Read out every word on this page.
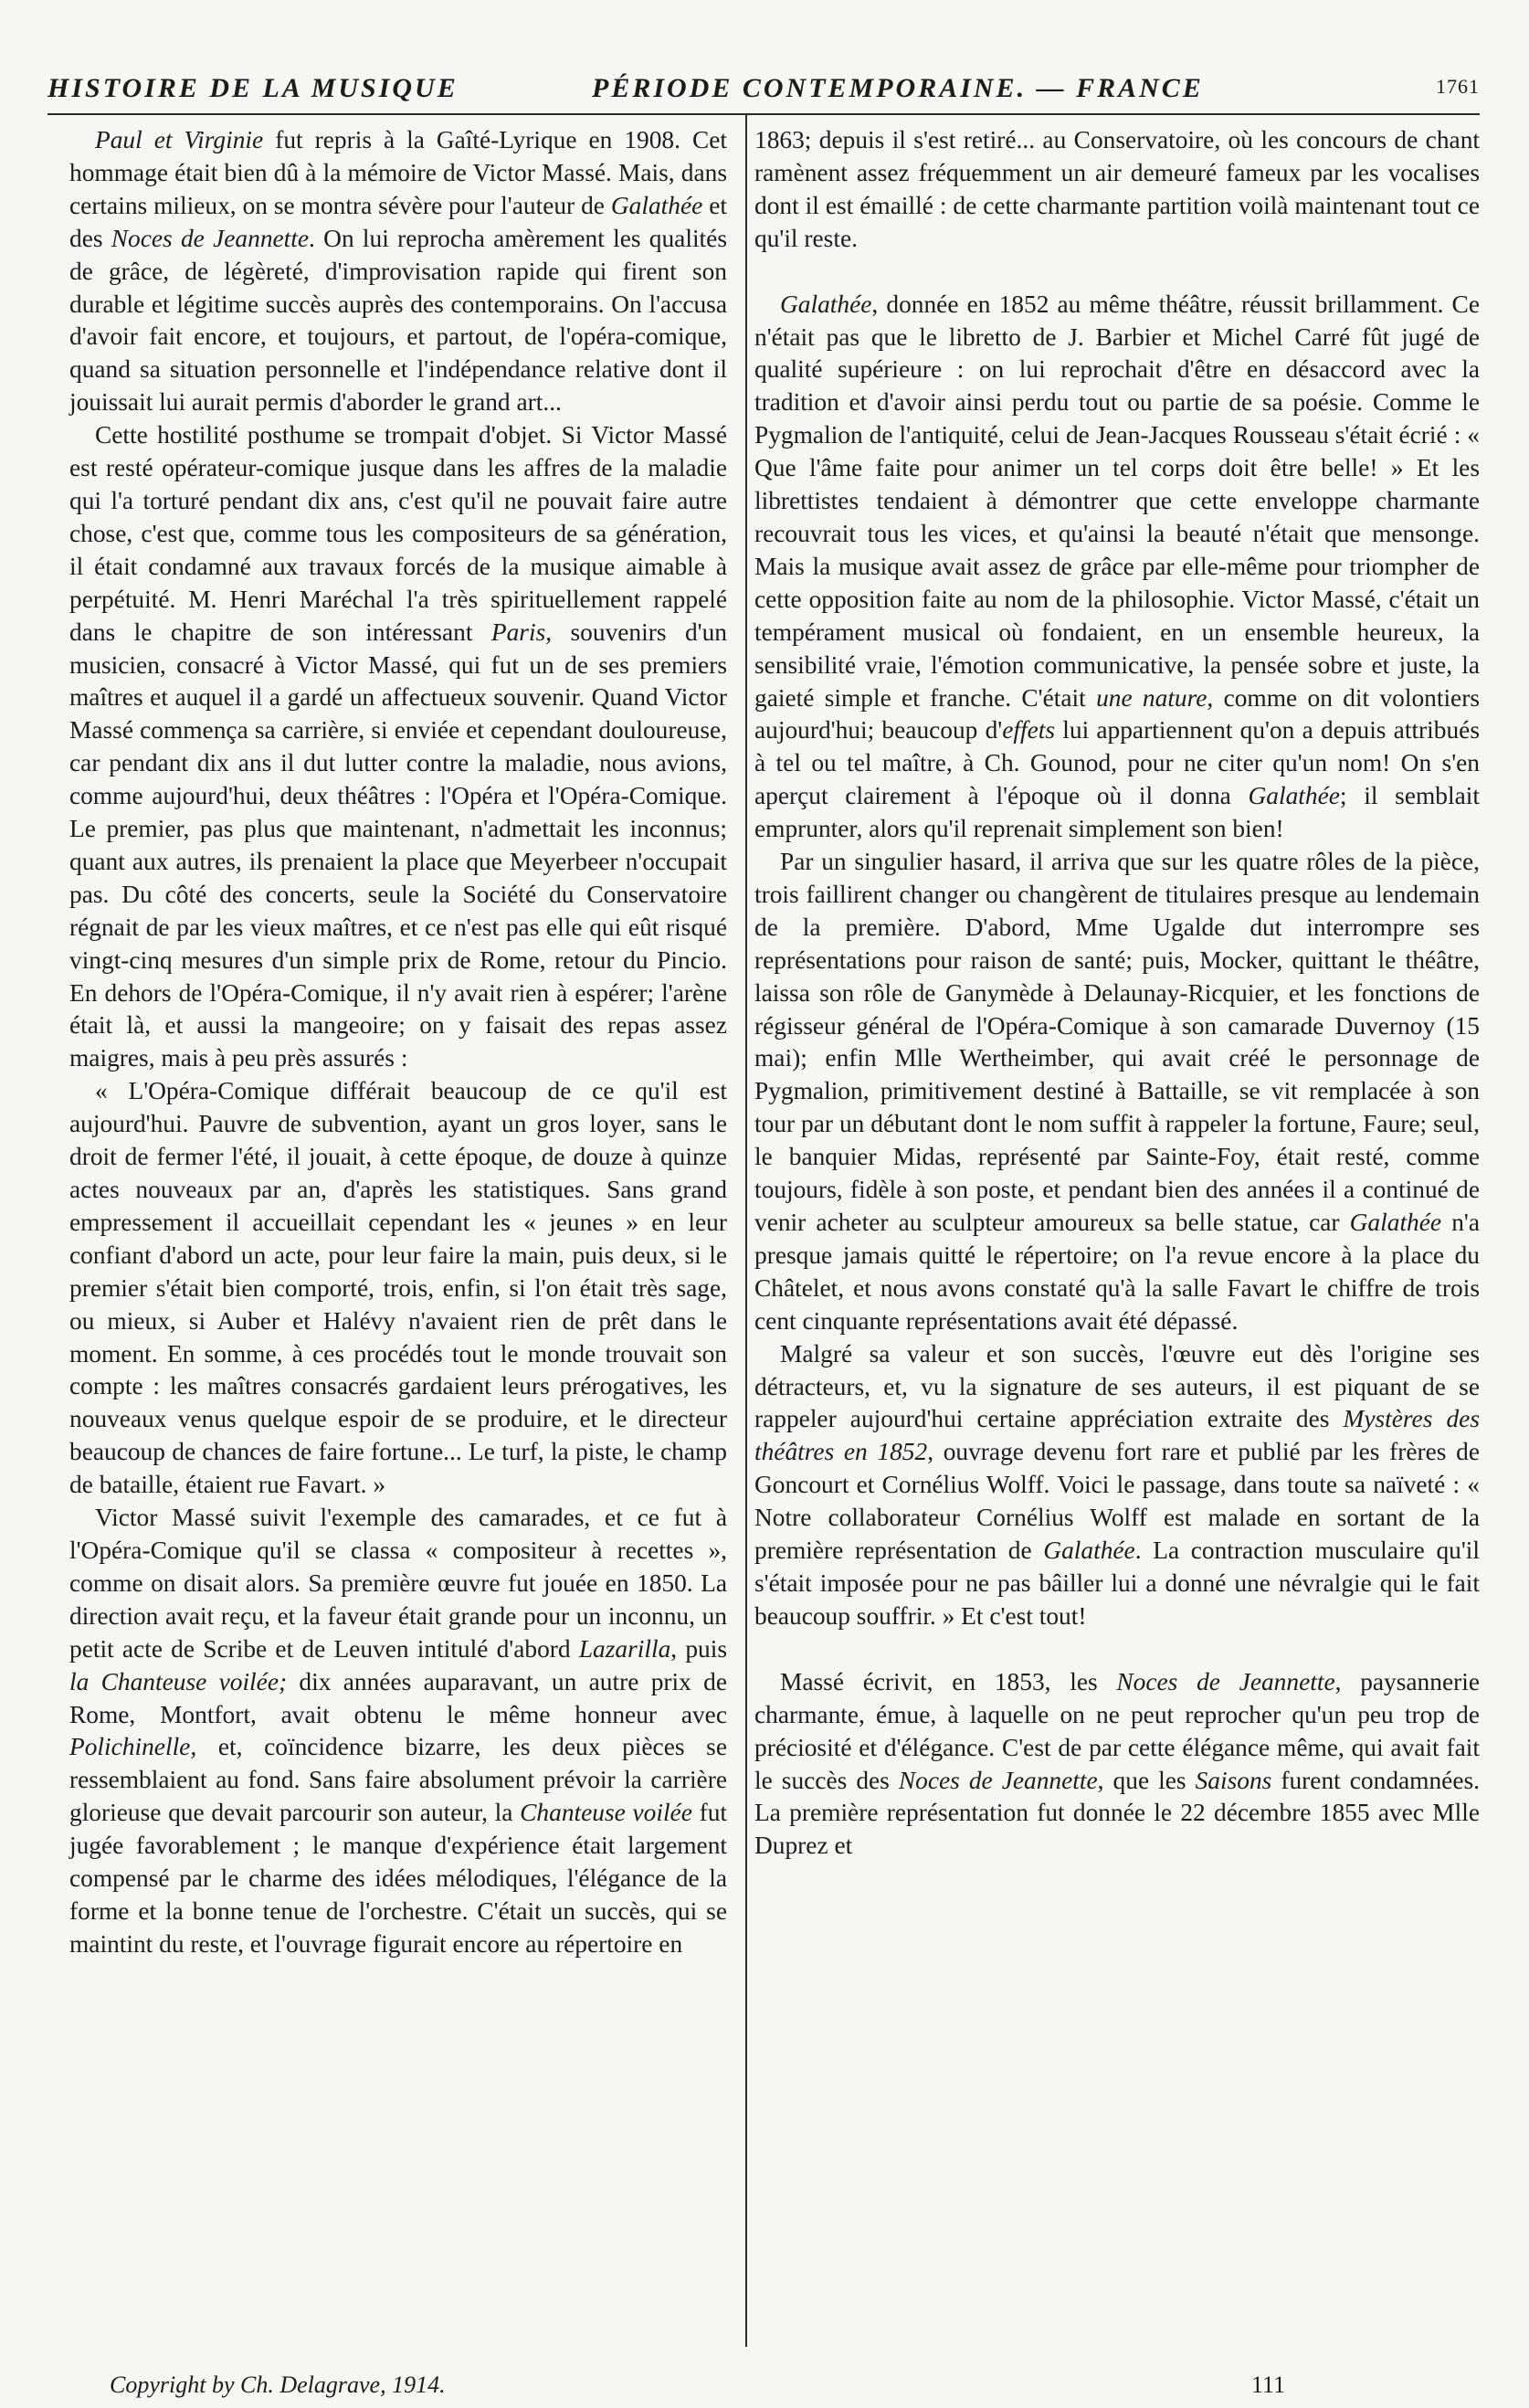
HISTOIRE DE LA MUSIQUE	PÉRIODE CONTEMPORAINE. — FRANCE	1761

Paul et Virginie fut repris à la Gaîté-Lyrique en 1908. Cet hommage était bien dû à la mémoire de Victor Massé. Mais, dans certains milieux, on se montra sévère pour l'auteur de Galathée et des Noces de Jeannette. On lui reprocha amèrement les qualités de grâce, de légèreté, d'improvisation rapide qui firent son durable et légitime succès auprès des contemporains. On l'accusa d'avoir fait encore, et toujours, et partout, de l'opéra-comique, quand sa situation personnelle et l'indépendance relative dont il jouissait lui aurait permis d'aborder le grand art...

Cette hostilité posthume se trompait d'objet. Si Victor Massé est resté opérateur-comique jusque dans les affres de la maladie qui l'a torturé pendant dix ans, c'est qu'il ne pouvait faire autre chose, c'est que, comme tous les compositeurs de sa génération, il était condamné aux travaux forcés de la musique aimable à perpétuité. M. Henri Maréchal l'a très spirituellement rappelé dans le chapitre de son intéressant Paris, souvenirs d'un musicien, consacré à Victor Massé, qui fut un de ses premiers maîtres et auquel il a gardé un affectueux souvenir. Quand Victor Massé commença sa carrière, si enviée et cependant douloureuse, car pendant dix ans il dut lutter contre la maladie, nous avions, comme aujourd'hui, deux théâtres : l'Opéra et l'Opéra-Comique. Le premier, pas plus que maintenant, n'admettait les inconnus; quant aux autres, ils prenaient la place que Meyerbeer n'occupait pas. Du côté des concerts, seule la Société du Conservatoire régnait de par les vieux maîtres, et ce n'est pas elle qui eût risqué vingt-cinq mesures d'un simple prix de Rome, retour du Pincio. En dehors de l'Opéra-Comique, il n'y avait rien à espérer; l'arène était là, et aussi la mangeoire; on y faisait des repas assez maigres, mais à peu près assurés :

« L'Opéra-Comique différait beaucoup de ce qu'il est aujourd'hui. Pauvre de subvention, ayant un gros loyer, sans le droit de fermer l'été, il jouait, à cette époque, de douze à quinze actes nouveaux par an, d'après les statistiques. Sans grand empressement il accueillait cependant les « jeunes » en leur confiant d'abord un acte, pour leur faire la main, puis deux, si le premier s'était bien comporté, trois, enfin, si l'on était très sage, ou mieux, si Auber et Halévy n'avaient rien de prêt dans le moment. En somme, à ces procédés tout le monde trouvait son compte : les maîtres consacrés gardaient leurs prérogatives, les nouveaux venus quelque espoir de se produire, et le directeur beaucoup de chances de faire fortune... Le turf, la piste, le champ de bataille, étaient rue Favart. »

Victor Massé suivit l'exemple des camarades, et ce fut à l'Opéra-Comique qu'il se classa « compositeur à recettes », comme on disait alors. Sa première œuvre fut jouée en 1850. La direction avait reçu, et la faveur était grande pour un inconnu, un petit acte de Scribe et de Leuven intitulé d'abord Lazarilla, puis la Chanteuse voilée; dix années auparavant, un autre prix de Rome, Montfort, avait obtenu le même honneur avec Polichinelle, et, coïncidence bizarre, les deux pièces se ressemblaient au fond. Sans faire absolument prévoir la carrière glorieuse que devait parcourir son auteur, la Chanteuse voilée fut jugée favorablement ; le manque d'expérience était largement compensé par le charme des idées mélodiques, l'élégance de la forme et la bonne tenue de l'orchestre. C'était un succès, qui se maintint du reste, et l'ouvrage figurait encore au répertoire en

1863; depuis il s'est retiré... au Conservatoire, où les concours de chant ramènent assez fréquemment un air demeuré fameux par les vocalises dont il est émaillé : de cette charmante partition voilà maintenant tout ce qu'il reste.

Galathée, donnée en 1852 au même théâtre, réussit brillamment. Ce n'était pas que le libretto de J. Barbier et Michel Carré fût jugé de qualité supérieure : on lui reprochait d'être en désaccord avec la tradition et d'avoir ainsi perdu tout ou partie de sa poésie. Comme le Pygmalion de l'antiquité, celui de Jean-Jacques Rousseau s'était écrié : « Que l'âme faite pour animer un tel corps doit être belle! » Et les librettistes tendaient à démontrer que cette enveloppe charmante recouvrait tous les vices, et qu'ainsi la beauté n'était que mensonge. Mais la musique avait assez de grâce par elle-même pour triompher de cette opposition faite au nom de la philosophie. Victor Massé, c'était un tempérament musical où fondaient, en un ensemble heureux, la sensibilité vraie, l'émotion communicative, la pensée sobre et juste, la gaieté simple et franche. C'était une nature, comme on dit volontiers aujourd'hui; beaucoup d'effets lui appartiennent qu'on a depuis attribués à tel ou tel maître, à Ch. Gounod, pour ne citer qu'un nom! On s'en aperçut clairement à l'époque où il donna Galathée; il semblait emprunter, alors qu'il reprenait simplement son bien!

Par un singulier hasard, il arriva que sur les quatre rôles de la pièce, trois faillirent changer ou changèrent de titulaires presque au lendemain de la première. D'abord, Mme Ugalde dut interrompre ses représentations pour raison de santé; puis, Mocker, quittant le théâtre, laissa son rôle de Ganymède à Delaunay-Ricquier, et les fonctions de régisseur général de l'Opéra-Comique à son camarade Duvernoy (15 mai); enfin Mlle Wertheimber, qui avait créé le personnage de Pygmalion, primitivement destiné à Battaille, se vit remplacée à son tour par un débutant dont le nom suffit à rappeler la fortune, Faure; seul, le banquier Midas, représenté par Sainte-Foy, était resté, comme toujours, fidèle à son poste, et pendant bien des années il a continué de venir acheter au sculpteur amoureux sa belle statue, car Galathée n'a presque jamais quitté le répertoire; on l'a revue encore à la place du Châtelet, et nous avons constaté qu'à la salle Favart le chiffre de trois cent cinquante représentations avait été dépassé.

Malgré sa valeur et son succès, l'œuvre eut dès l'origine ses détracteurs, et, vu la signature de ses auteurs, il est piquant de se rappeler aujourd'hui certaine appréciation extraite des Mystères des théâtres en 1852, ouvrage devenu fort rare et publié par les frères de Goncourt et Cornélius Wolff. Voici le passage, dans toute sa naïveté : « Notre collaborateur Cornélius Wolff est malade en sortant de la première représentation de Galathée. La contraction musculaire qu'il s'était imposée pour ne pas bâiller lui a donné une névralgie qui le fait beaucoup souffrir. » Et c'est tout!

Massé écrivit, en 1853, les Noces de Jeannette, paysannerie charmante, émue, à laquelle on ne peut reprocher qu'un peu trop de préciosité et d'élégance. C'est de par cette élégance même, qui avait fait le succès des Noces de Jeannette, que les Saisons furent condamnées. La première représentation fut donnée le 22 décembre 1855 avec Mlle Duprez et

Copyright by Ch. Delagrave, 1914.	111
